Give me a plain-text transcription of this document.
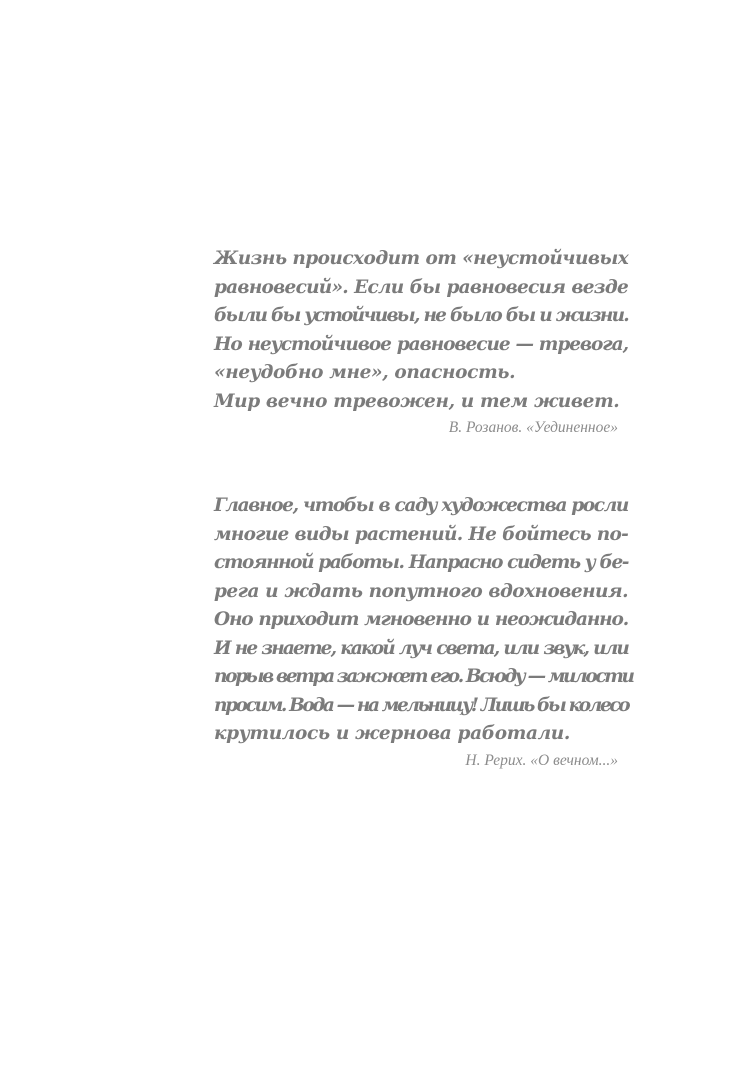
Жизнь происходит от «неустойчивых
равновесий». Если бы равновесия везде
были бы устойчивы, не было бы и жизни.
Но неустойчивое равновесие — тревога,
«неудобно мне», опасность.
Мир вечно тревожен, и тем живет.
В. Розанов. «Уединенное»
Главное, чтобы в саду художества росли
многие виды растений. Не бойтесь по-
стоянной работы. Напрасно сидеть у бе-
рега и ждать попутного вдохновения.
Оно приходит мгновенно и неожиданно.
И не знаете, какой луч света, или звук, или
порыв ветра зажжет его. Всюду — милости
просим. Вода — на мельницу! Лишь бы колесо
крутилось и жернова работали.
Н. Рерих. «О вечном...»
